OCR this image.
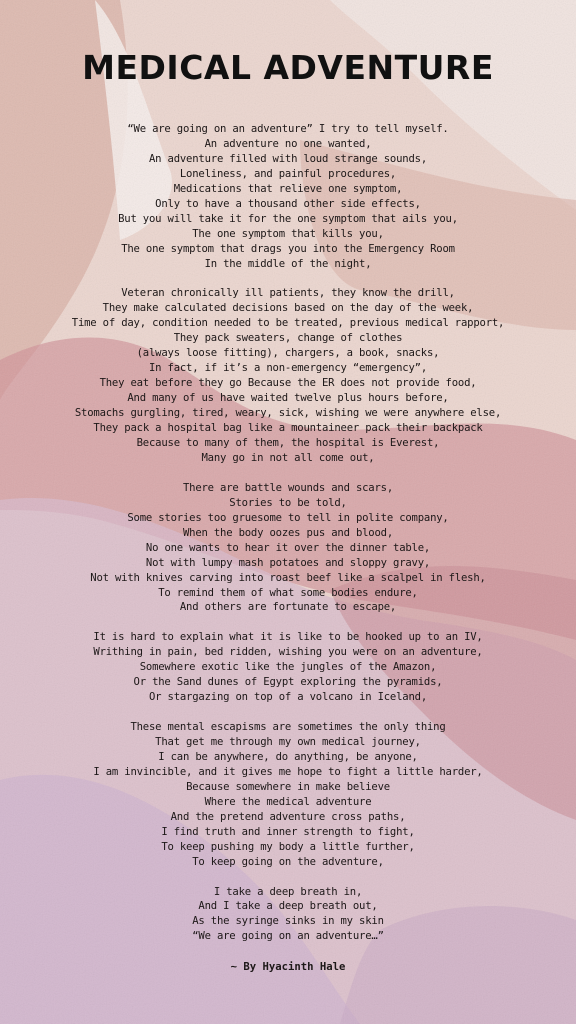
MEDICAL ADVENTURE
“We are going on an adventure” I try to tell myself.
An adventure no one wanted,
An adventure filled with loud strange sounds,
Loneliness, and painful procedures,
Medications that relieve one symptom,
Only to have a thousand other side effects,
But you will take it for the one symptom that ails you,
The one symptom that kills you,
The one symptom that drags you into the Emergency Room
In the middle of the night,
Veteran chronically ill patients, they know the drill,
They make calculated decisions based on the day of the week,
Time of day, condition needed to be treated, previous medical rapport,
They pack sweaters, change of clothes
(always loose fitting), chargers, a book, snacks,
In fact, if it’s a non-emergency “emergency”,
They eat before they go Because the ER does not provide food,
And many of us have waited twelve plus hours before,
Stomachs gurgling, tired, weary, sick, wishing we were anywhere else,
They pack a hospital bag like a mountaineer pack their backpack
Because to many of them, the hospital is Everest,
Many go in not all come out,
There are battle wounds and scars,
Stories to be told,
Some stories too gruesome to tell in polite company,
When the body oozes pus and blood,
No one wants to hear it over the dinner table,
Not with lumpy mash potatoes and sloppy gravy,
Not with knives carving into roast beef like a scalpel in flesh,
To remind them of what some bodies endure,
And others are fortunate to escape,
It is hard to explain what it is like to be hooked up to an IV,
Writhing in pain, bed ridden, wishing you were on an adventure,
Somewhere exotic like the jungles of the Amazon,
Or the Sand dunes of Egypt exploring the pyramids,
Or stargazing on top of a volcano in Iceland,
These mental escapisms are sometimes the only thing
That get me through my own medical journey,
I can be anywhere, do anything, be anyone,
I am invincible, and it gives me hope to fight a little harder,
Because somewhere in make believe
Where the medical adventure
And the pretend adventure cross paths,
I find truth and inner strength to fight,
To keep pushing my body a little further,
To keep going on the adventure,
I take a deep breath in,
And I take a deep breath out,
As the syringe sinks in my skin
“We are going on an adventure…”
~ By Hyacinth Hale
